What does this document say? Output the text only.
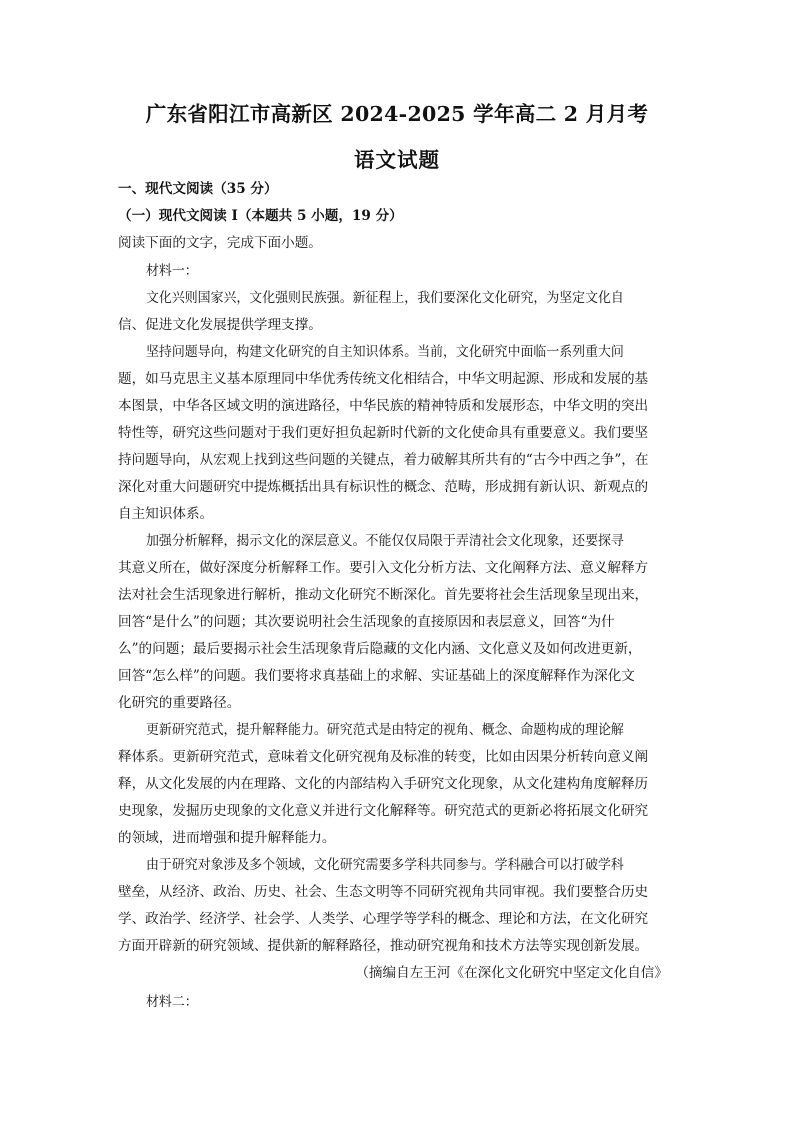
广东省阳江市高新区 2024-2025 学年高二 2 月月考
语文试题

一、现代文阅读（35 分）

（一）现代文阅读 I（本题共 5 小题，19 分）

阅读下面的文字，完成下面小题。

材料一：

文化兴则国家兴，文化强则民族强。新征程上，我们要深化文化研究，为坚定文化自

信、促进文化发展提供学理支撑。

坚持问题导向，构建文化研究的自主知识体系。当前，文化研究中面临一系列重大问

题，如马克思主义基本原理同中华优秀传统文化相结合，中华文明起源、形成和发展的基

本图景，中华各区域文明的演进路径，中华民族的精神特质和发展形态，中华文明的突出

特性等，研究这些问题对于我们更好担负起新时代新的文化使命具有重要意义。我们要坚

持问题导向，从宏观上找到这些问题的关键点，着力破解其所共有的“古今中西之争”，在

深化对重大问题研究中提炼概括出具有标识性的概念、范畴，形成拥有新认识、新观点的

自主知识体系。

加强分析解释，揭示文化的深层意义。不能仅仅局限于弄清社会文化现象，还要探寻

其意义所在，做好深度分析解释工作。要引入文化分析方法、文化阐释方法、意义解释方

法对社会生活现象进行解析，推动文化研究不断深化。首先要将社会生活现象呈现出来，

回答“是什么”的问题；其次要说明社会生活现象的直接原因和表层意义，回答“为什

么”的问题；最后要揭示社会生活现象背后隐藏的文化内涵、文化意义及如何改进更新，

回答“怎么样”的问题。我们要将求真基础上的求解、实证基础上的深度解释作为深化文

化研究的重要路径。

更新研究范式，提升解释能力。研究范式是由特定的视角、概念、命题构成的理论解

释体系。更新研究范式，意味着文化研究视角及标准的转变，比如由因果分析转向意义阐

释，从文化发展的内在理路、文化的内部结构入手研究文化现象，从文化建构角度解释历

史现象，发掘历史现象的文化意义并进行文化解释等。研究范式的更新必将拓展文化研究

的领域，进而增强和提升解释能力。

由于研究对象涉及多个领域，文化研究需要多学科共同参与。学科融合可以打破学科

壁垒，从经济、政治、历史、社会、生态文明等不同研究视角共同审视。我们要整合历史

学、政治学、经济学、社会学、人类学、心理学等学科的概念、理论和方法，在文化研究

方面开辟新的研究领域、提供新的解释路径，推动研究视角和技术方法等实现创新发展。

（摘编自左王河《在深化文化研究中坚定文化自信》

材料二：
